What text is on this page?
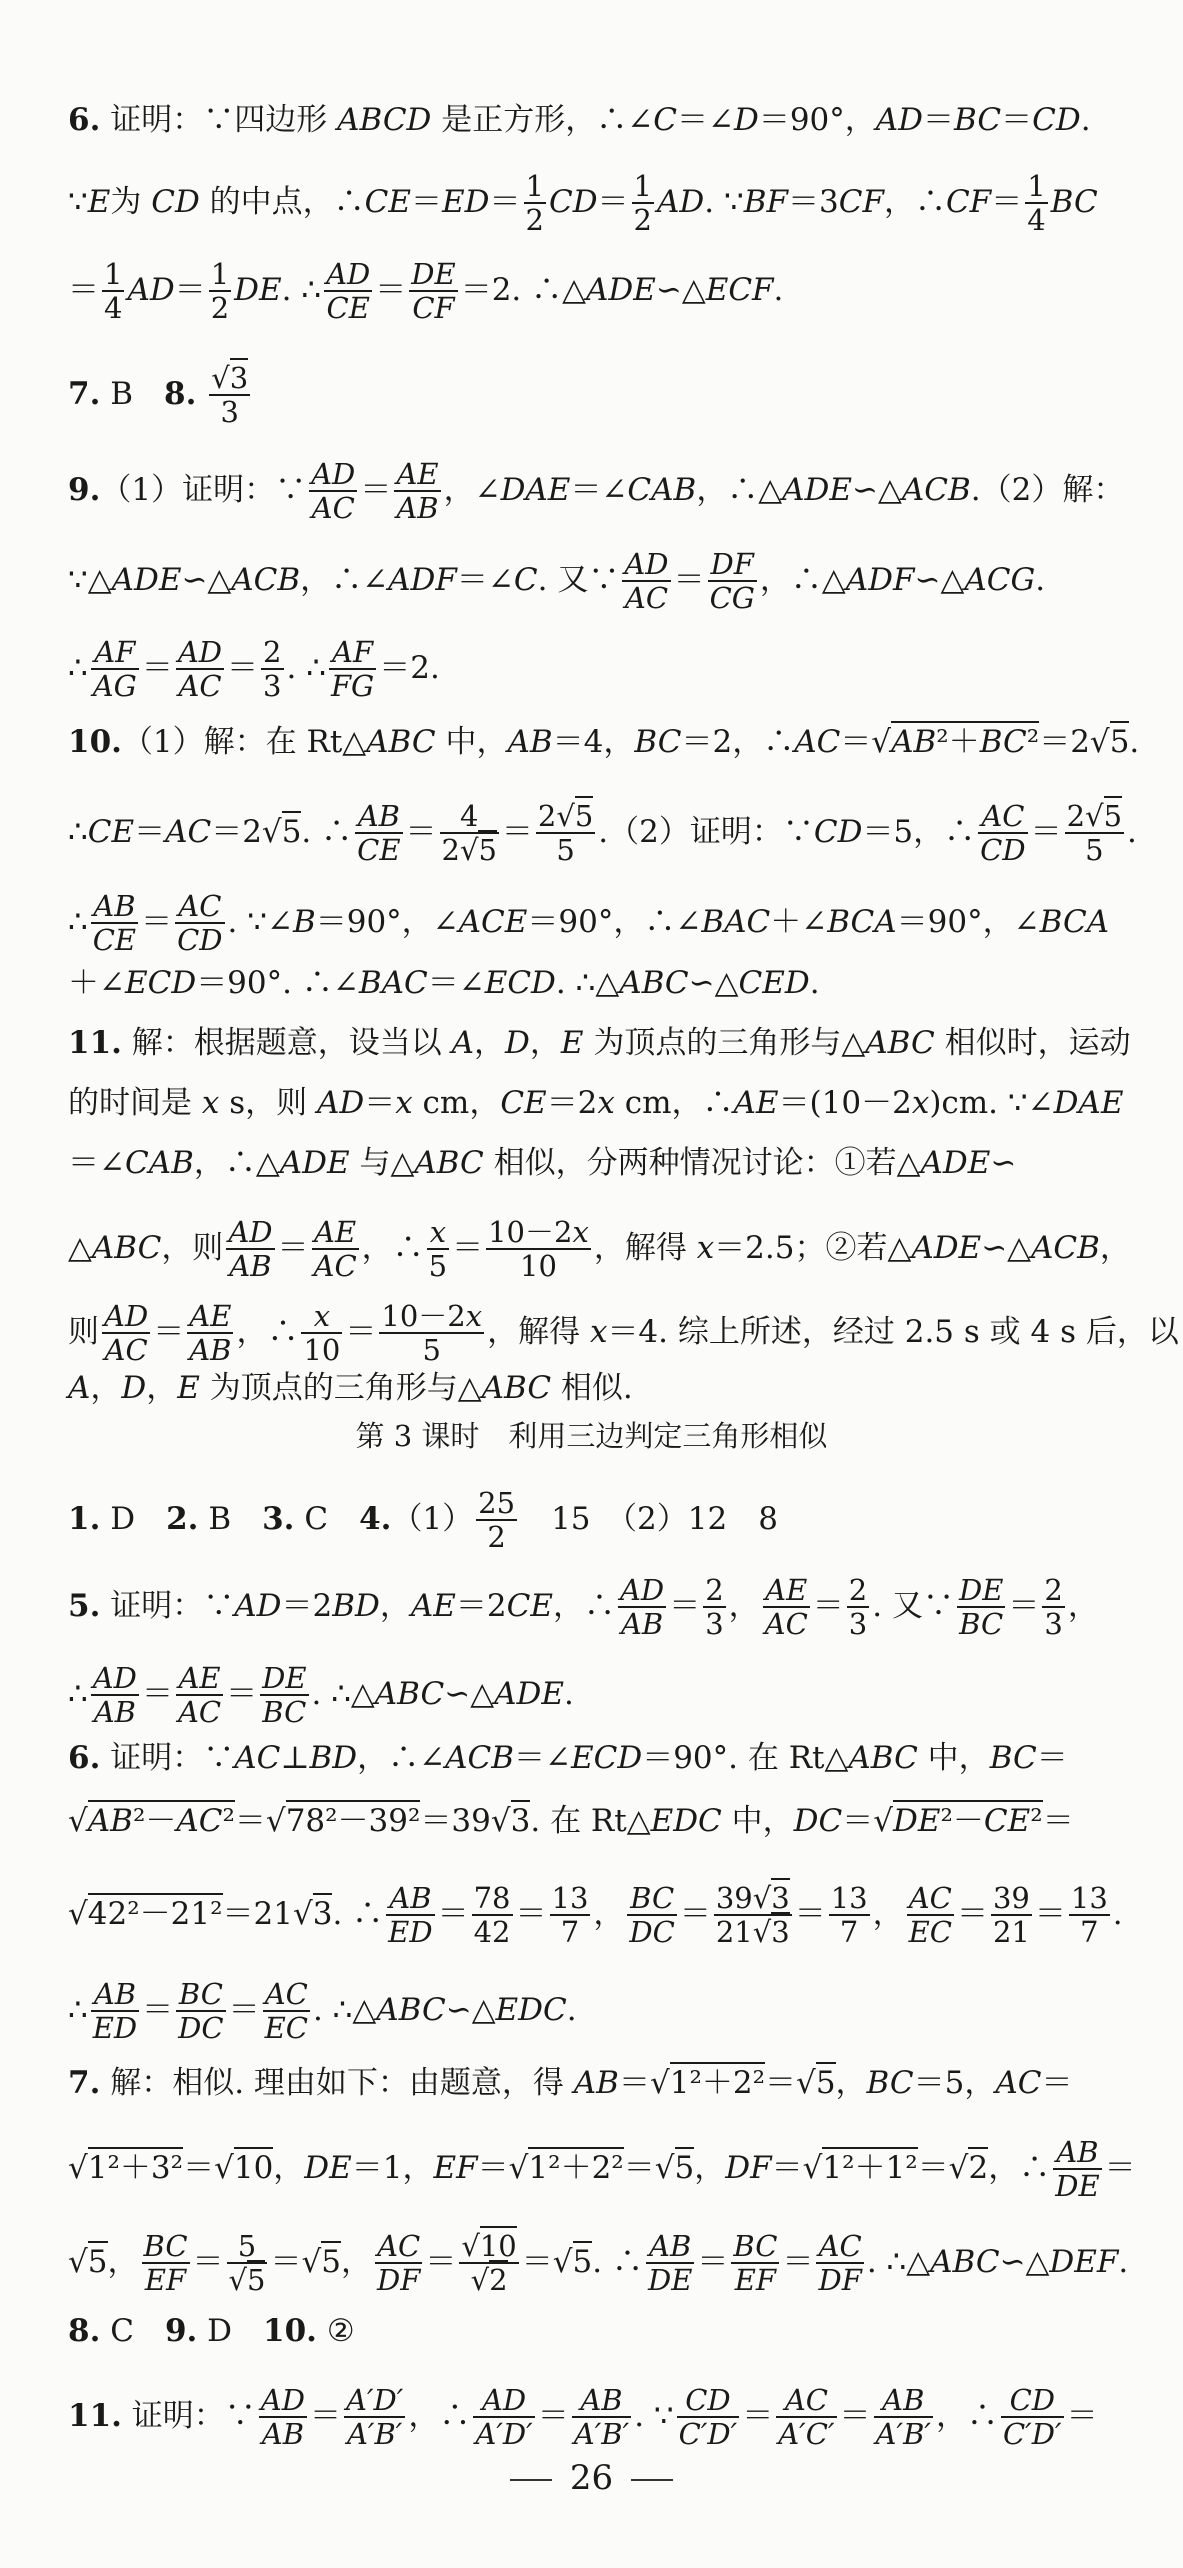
6. 证明：∵四边形 ABCD 是正方形，∴∠C＝∠D＝90°，AD＝BC＝CD.
∵E为 CD 的中点，∴CE＝ED＝ $\frac{1}{2} CD= \frac{1}{2}$ AD. ∵BF＝3CF，∴CF＝ $\frac{1}{4}$ BC
＝ $\frac{1}{4} AD= \frac{1}{2}$ DE. ∴ $\frac{AD}{CE} = \frac{DE}{CF} =2$. ∴△ADE∽△ECF.
7. B　8. $\frac{√3}{3}$
9.（1）证明：∵ $\frac{AD}{AC} = \frac{AE}{AB}$ ，∠DAE＝∠CAB，∴△ADE∽△ACB.（2）解：
∵△ADE∽△ACB，∴∠ADF＝∠C. 又∵ $\frac{AD}{AC} = \frac{DF}{CG}$ ，∴△ADF∽△ACG.
∴ $\frac{AF}{AG} = \frac{AD}{AC} = \frac{2}{3}$ . ∴ $\frac{AF}{FG} =2$.
10.（1）解：在 Rt△ABC 中，AB＝4，BC＝2，∴AC＝√AB²＋BC²＝2√5.
∴CE＝AC＝2√5. ∴ $\frac{AB}{CE} = \frac{4}{2√5} = \frac{2√5}{5} .(2)$证明：∵CD＝5，∴ $\frac{AC}{CD} = \frac{2√5}{5}$ .
∴ $\frac{AB}{CE} = \frac{AC}{CD}$ . ∵∠B＝90°，∠ACE＝90°，∴∠BAC＋∠BCA＝90°，∠BCA
＋∠ECD＝90°. ∴∠BAC＝∠ECD. ∴△ABC∽△CED.
11. 解：根据题意，设当以 A，D，E 为顶点的三角形与△ABC 相似时，运动
的时间是 x s，则 AD＝x cm，CE＝2x cm，∴AE＝(10－2x)cm. ∵∠DAE
＝∠CAB，∴△ADE 与△ABC 相似，分两种情况讨论：①若△ADE∽
△ABC，则 $\frac{AD}{AB} = \frac{AE}{AC}$ ，∴ $\frac{x}{5} = \frac{10-2x}{10}$ ，解得 x＝2.5；②若△ADE∽△ACB，
则 $\frac{AD}{AC} = \frac{AE}{AB}$ ，∴ $\frac{x}{10} = \frac{10-2x}{5}$ ，解得 x＝4. 综上所述，经过 2.5 s 或 4 s 后，以
A，D，E 为顶点的三角形与△ABC 相似.
第 3 课时　利用三边判定三角形相似
1. D　2. B　3. C　$4.(1) \frac{25}{2}$ 　15　（2）12　8
5. 证明：∵AD＝2BD，AE＝2CE，∴ $\frac{AD}{AB} = \frac{2}{3}$ ， $\frac{AE}{AC} = \frac{2}{3}$ . 又∵ $\frac{DE}{BC} = \frac{2}{3}$ ，
∴ $\frac{AD}{AB} = \frac{AE}{AC} = \frac{DE}{BC}$ . ∴△ABC∽△ADE.
6. 证明：∵AC⊥BD，∴∠ACB＝∠ECD＝90°. 在 Rt△ABC 中，BC＝
√AB²－AC²＝√78²－39²＝39√3. 在 Rt△EDC 中，DC＝√DE²－CE²＝
√42²－21²＝21√3. ∴ $\frac{AB}{ED} = \frac{78}{42} = \frac{13}{7}$ ， $\frac{BC}{DC} = \frac{39√3}{21√3} = \frac{13}{7}$ ， $\frac{AC}{EC} = \frac{39}{21} = \frac{13}{7}$ .
∴ $\frac{AB}{ED} = \frac{BC}{DC} = \frac{AC}{EC}$ . ∴△ABC∽△EDC.
7. 解：相似. 理由如下：由题意，得 AB＝√1²＋2²＝√5，BC＝5，AC＝
√1²＋3²＝√10，DE＝1，EF＝√1²＋2²＝√5，DF＝√1²＋1²＝√2，∴ $\frac{AB}{DE}$ ＝
√5， $\frac{BC}{EF} = \frac{5}{√5} =√5$， $\frac{AC}{DF} = \frac{√10}{√2} =√5$. ∴ $\frac{AB}{DE} = \frac{BC}{EF} = \frac{AC}{DF}$ . ∴△ABC∽△DEF.
8. C　9. D　10. ②
11. 证明：∵ $\frac{AD}{AB} = \frac{A'D'}{A'B'}$ ，∴ $\frac{AD}{A'D'} = \frac{AB}{A'B'}$ . ∵ $\frac{CD}{C'D'} = \frac{AC}{A'C'} = \frac{AB}{A'B'}$ ，∴ $\frac{CD}{C'D'}$ ＝
26
